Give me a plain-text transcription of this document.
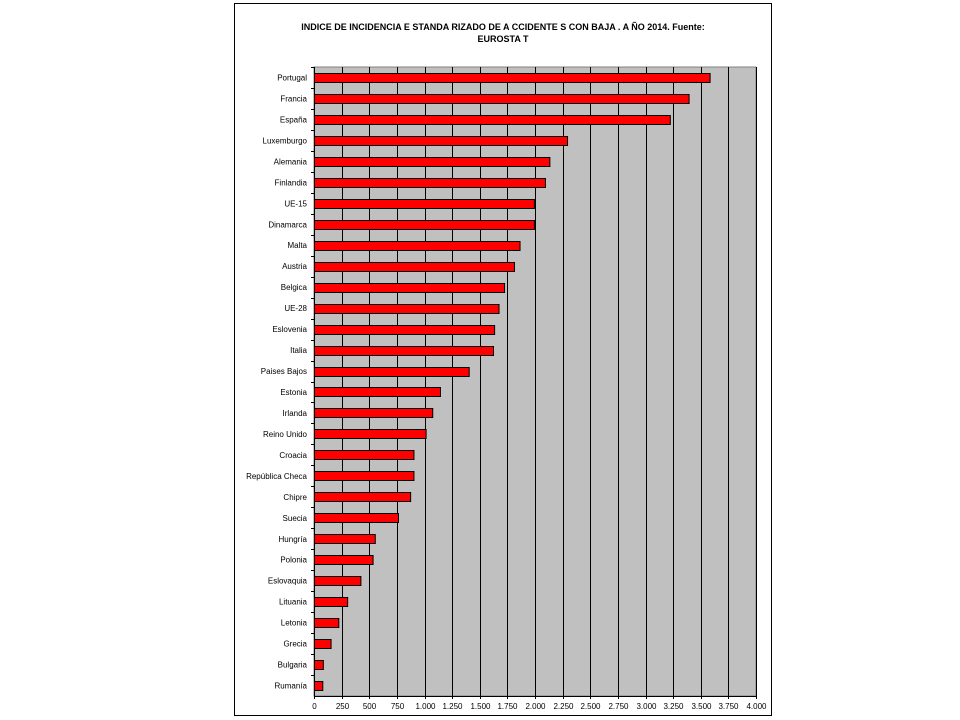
INDICE DE INCIDENCIA E STANDA RIZADO DE A CCIDENTE S CON BAJA . A ÑO 2014. Fuente:
EUROSTA T
0 250 500 750 1.000 1.250 1.500 1.750 2.000 2.250 2.500 2.750 3.000 3.250 3.500 3.750 4.000
Portugal
Francia
España
Luxemburgo
Alemania
Finlandia
UE-15
Dinamarca
Malta
Austria
Belgica
UE-28
Eslovenia
Italia
Paises Bajos
Estonia
Irlanda
Reino Unido
Croacia
República Checa
Chipre
Suecia
Hungría
Polonia
Eslovaquia
Lituania
Letonia
Grecia
Bulgaria
Rumanía
